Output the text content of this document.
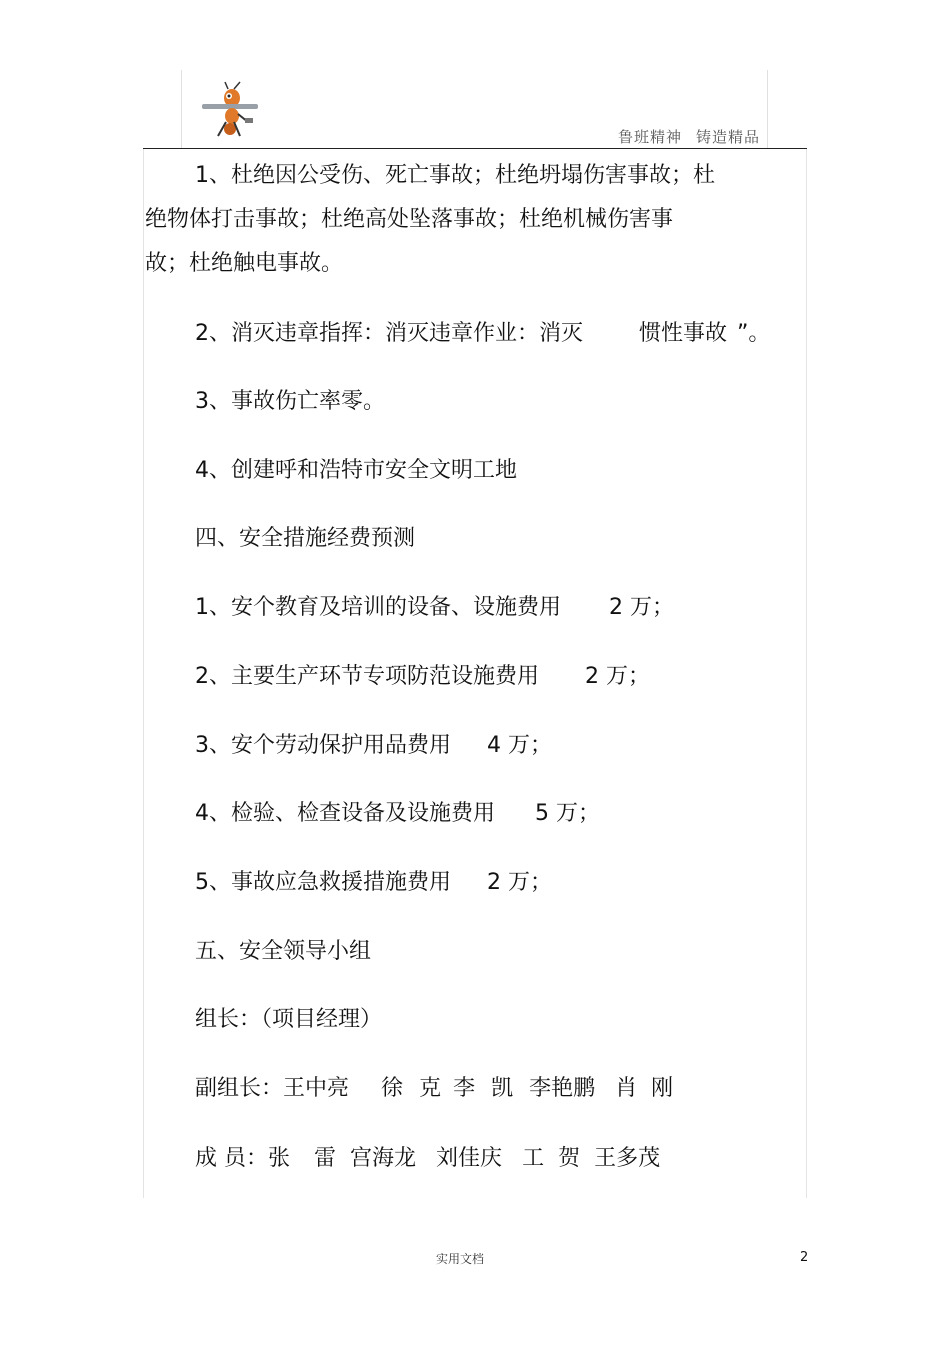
鲁班精神 铸造精品
1、杜绝因公受伤、死亡事故；杜绝坍塌伤害事故；杜
绝物体打击事故；杜绝高处坠落事故；杜绝机械伤害事
故；杜绝触电事故。
2、消灭违章指挥：消灭违章作业：消灭	惯性事故 ”。
3、事故伤亡率零。
4、创建呼和浩特市安全文明工地
四、安全措施经费预测
1、安个教育及培训的设备、设施费用 2 万；
2、主要生产环节专项防范设施费用 2 万；
3、安个劳动保护用品费用 4 万；
4、检验、检查设备及设施费用 5 万；
5、事故应急救援措施费用 2 万；
五、安全领导小组
组长：（项目经理）
副组长：王中亮 徐 克 李 凯 李艳鹏 肖 刚
成 员：张 雷 宫海龙 刘佳庆 工 贺 王多茂
实用文档	2
